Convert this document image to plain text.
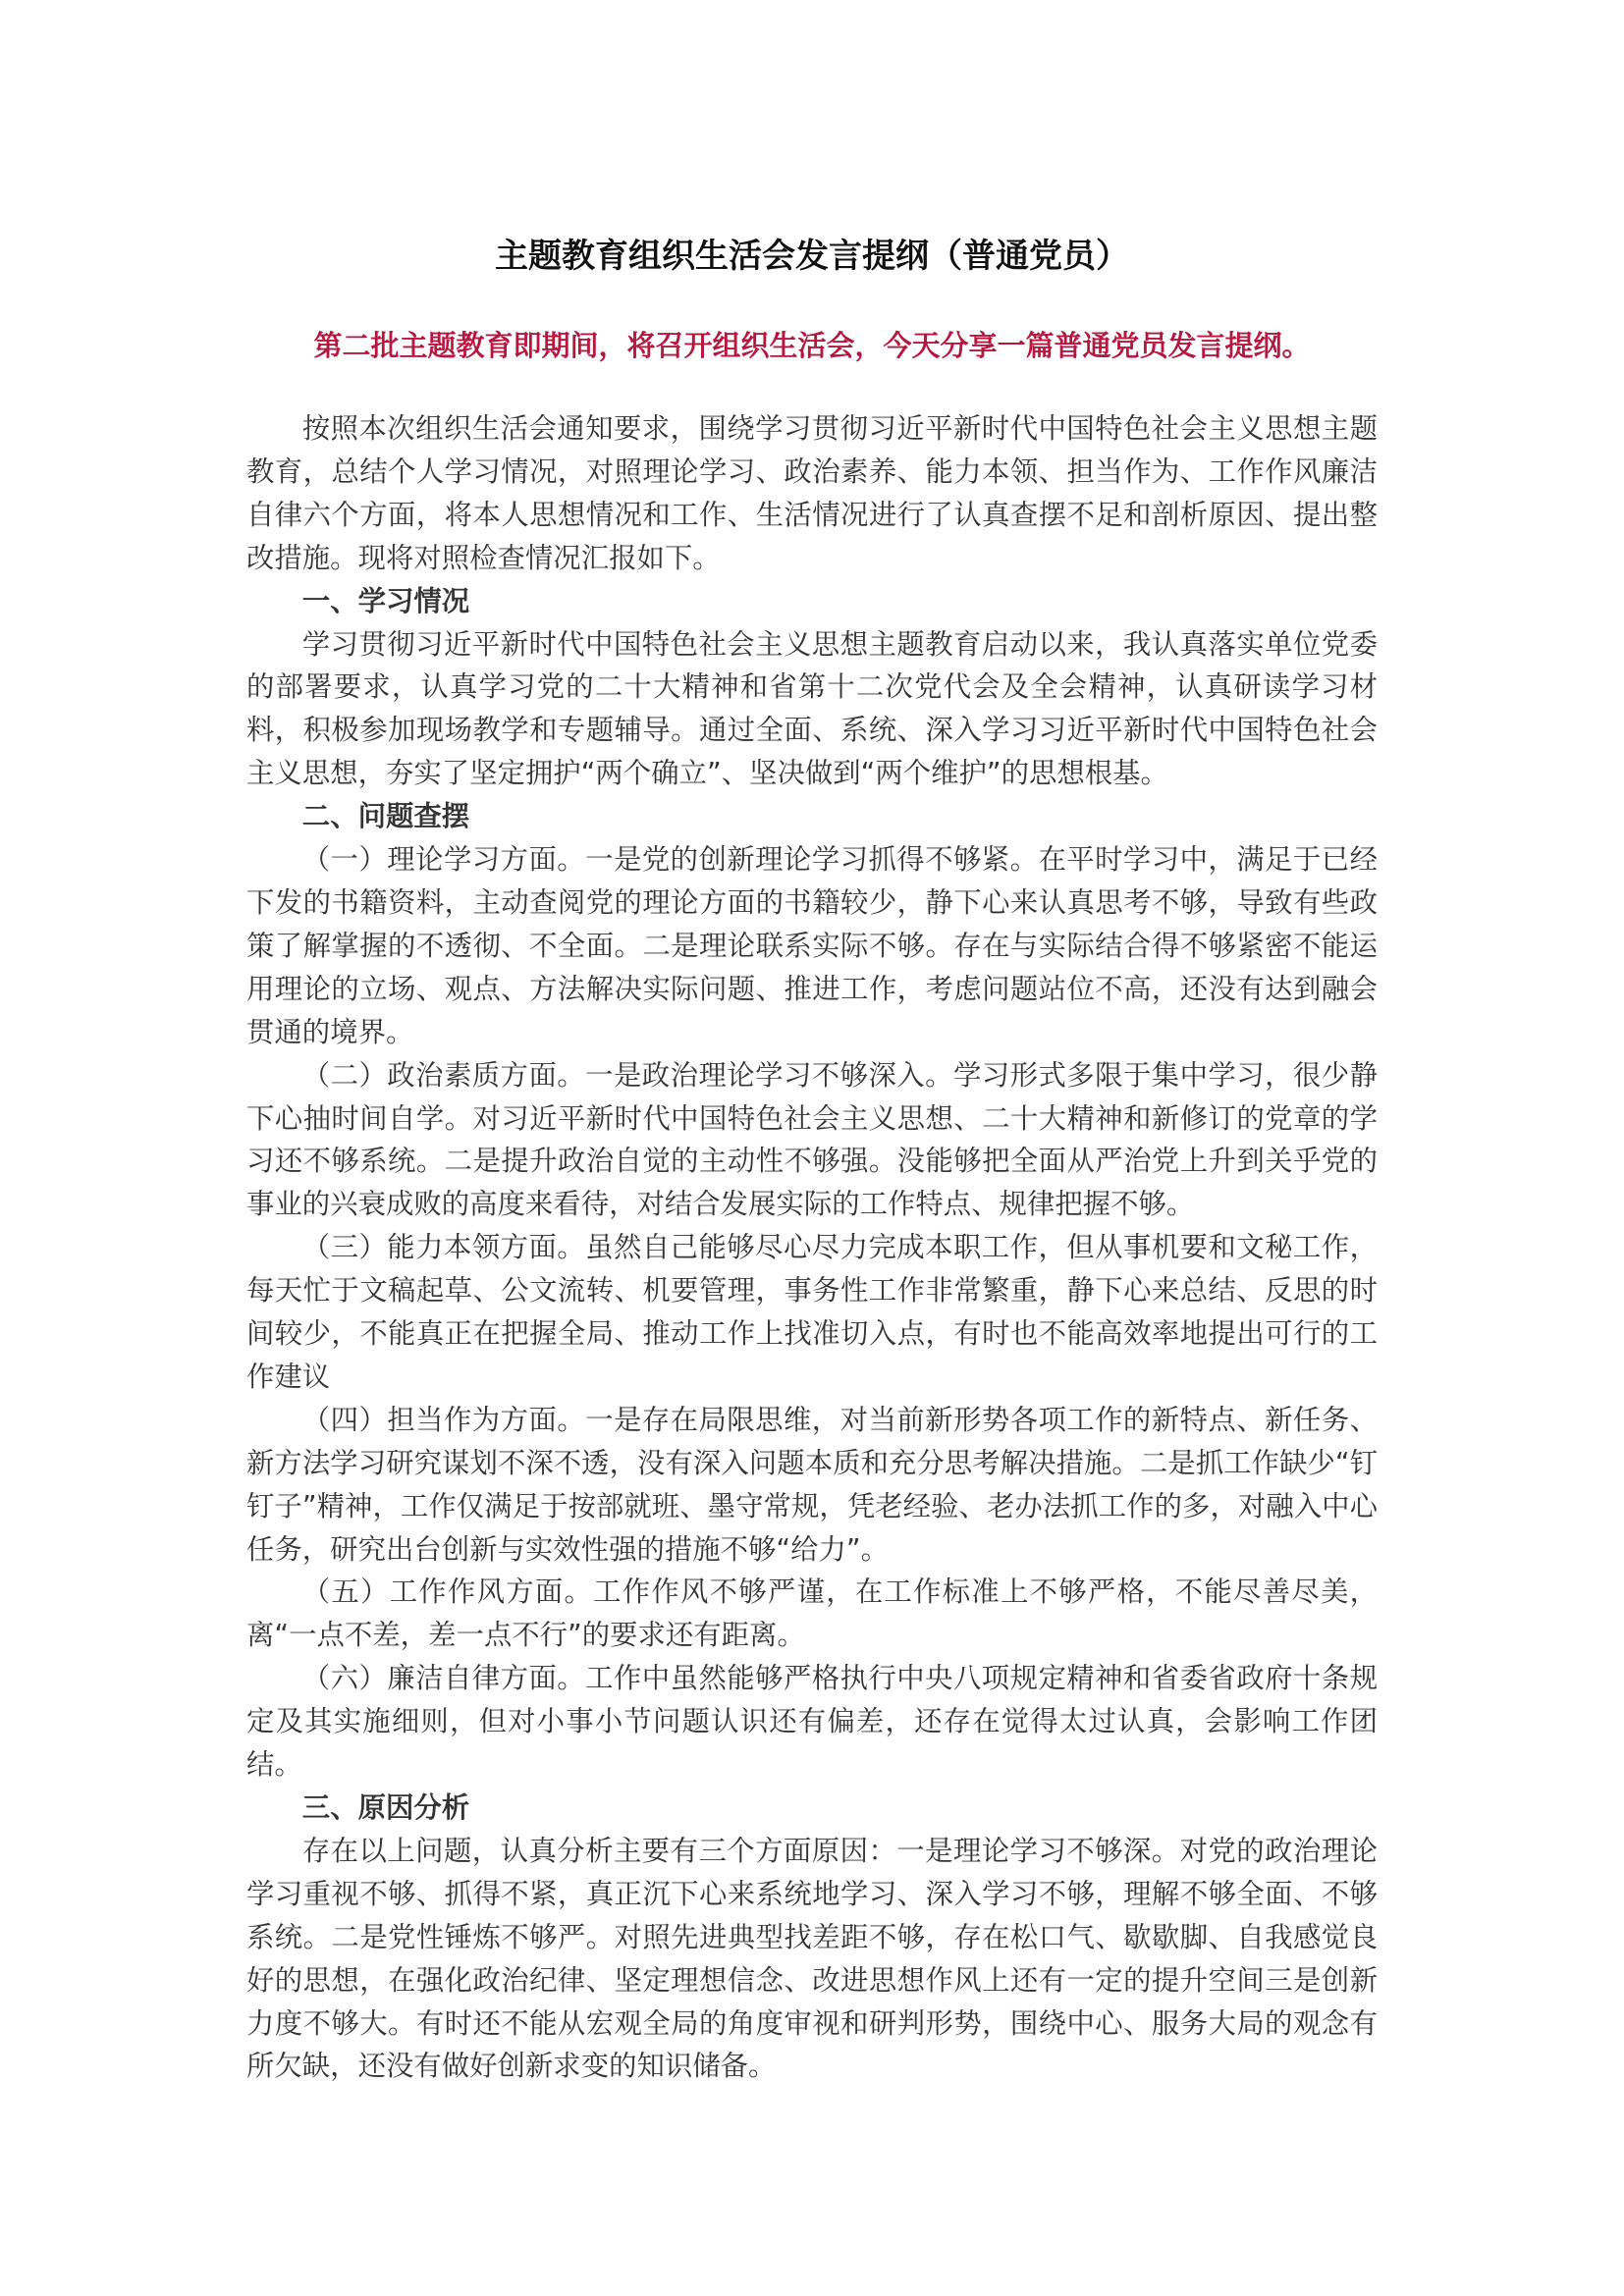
主题教育组织生活会发言提纲（普通党员）
第二批主题教育即期间，将召开组织生活会，今天分享一篇普通党员发言提纲。

按照本次组织生活会通知要求，围绕学习贯彻习近平新时代中国特色社会主义思想主题教育，总结个人学习情况，对照理论学习、政治素养、能力本领、担当作为、工作作风廉洁自律六个方面，将本人思想情况和工作、生活情况进行了认真查摆不足和剖析原因、提出整改措施。现将对照检查情况汇报如下。

一、学习情况

学习贯彻习近平新时代中国特色社会主义思想主题教育启动以来，我认真落实单位党委的部署要求，认真学习党的二十大精神和省第十二次党代会及全会精神，认真研读学习材料，积极参加现场教学和专题辅导。通过全面、系统、深入学习习近平新时代中国特色社会主义思想，夯实了坚定拥护“两个确立”、坚决做到“两个维护”的思想根基。

二、问题查摆

（一）理论学习方面。一是党的创新理论学习抓得不够紧。在平时学习中，满足于已经下发的书籍资料，主动查阅党的理论方面的书籍较少，静下心来认真思考不够，导致有些政策了解掌握的不透彻、不全面。二是理论联系实际不够。存在与实际结合得不够紧密不能运用理论的立场、观点、方法解决实际问题、推进工作，考虑问题站位不高，还没有达到融会贯通的境界。

（二）政治素质方面。一是政治理论学习不够深入。学习形式多限于集中学习，很少静下心抽时间自学。对习近平新时代中国特色社会主义思想、二十大精神和新修订的党章的学习还不够系统。二是提升政治自觉的主动性不够强。没能够把全面从严治党上升到关乎党的事业的兴衰成败的高度来看待，对结合发展实际的工作特点、规律把握不够。

（三）能力本领方面。虽然自己能够尽心尽力完成本职工作，但从事机要和文秘工作，每天忙于文稿起草、公文流转、机要管理，事务性工作非常繁重，静下心来总结、反思的时间较少，不能真正在把握全局、推动工作上找准切入点，有时也不能高效率地提出可行的工作建议

（四）担当作为方面。一是存在局限思维，对当前新形势各项工作的新特点、新任务、新方法学习研究谋划不深不透，没有深入问题本质和充分思考解决措施。二是抓工作缺少“钉钉子”精神，工作仅满足于按部就班、墨守常规，凭老经验、老办法抓工作的多，对融入中心任务，研究出台创新与实效性强的措施不够“给力”。

（五）工作作风方面。工作作风不够严谨，在工作标准上不够严格，不能尽善尽美，离“一点不差，差一点不行”的要求还有距离。

（六）廉洁自律方面。工作中虽然能够严格执行中央八项规定精神和省委省政府十条规定及其实施细则，但对小事小节问题认识还有偏差，还存在觉得太过认真，会影响工作团结。

三、原因分析

存在以上问题，认真分析主要有三个方面原因：一是理论学习不够深。对党的政治理论学习重视不够、抓得不紧，真正沉下心来系统地学习、深入学习不够，理解不够全面、不够系统。二是党性锤炼不够严。对照先进典型找差距不够，存在松口气、歇歇脚、自我感觉良好的思想，在强化政治纪律、坚定理想信念、改进思想作风上还有一定的提升空间三是创新力度不够大。有时还不能从宏观全局的角度审视和研判形势，围绕中心、服务大局的观念有所欠缺，还没有做好创新求变的知识储备。
